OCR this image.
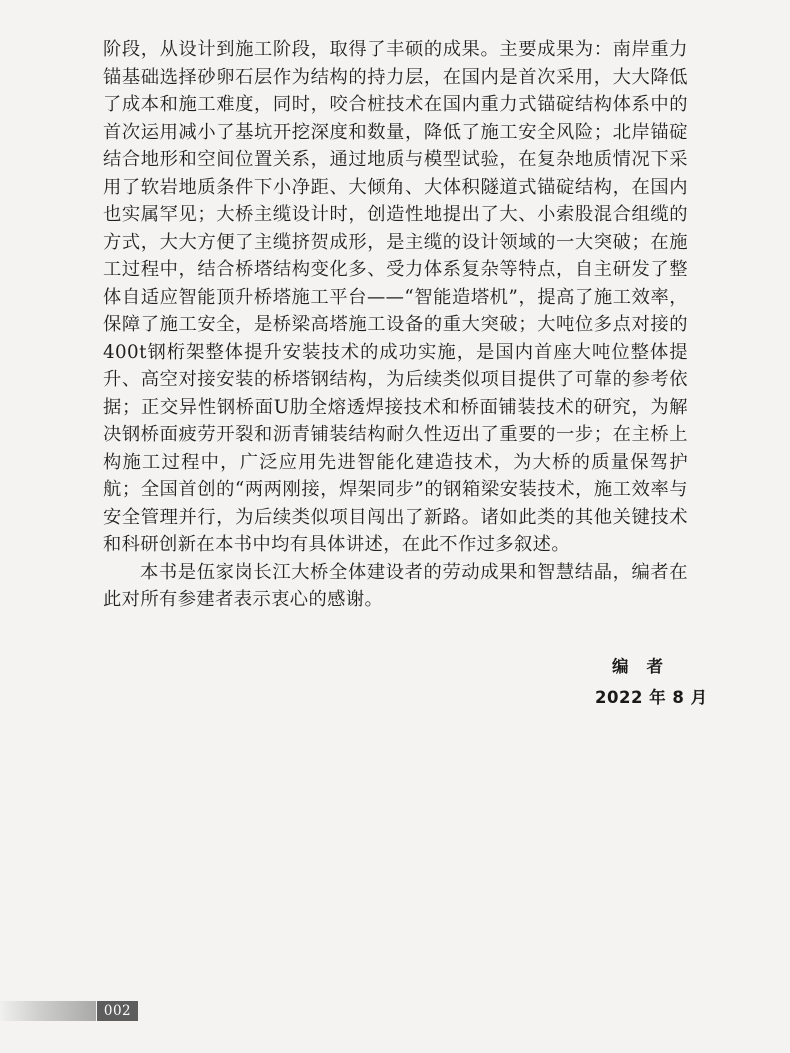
阶段，从设计到施工阶段，取得了丰硕的成果。主要成果为：南岸重力锚基础选择砂卵石层作为结构的持力层，在国内是首次采用，大大降低了成本和施工难度，同时，咬合桩技术在国内重力式锚碇结构体系中的首次运用减小了基坑开挖深度和数量，降低了施工安全风险；北岸锚碇结合地形和空间位置关系，通过地质与模型试验，在复杂地质情况下采用了软岩地质条件下小净距、大倾角、大体积隧道式锚碇结构，在国内也实属罕见；大桥主缆设计时，创造性地提出了大、小索股混合组缆的方式，大大方便了主缆挤贺成形，是主缆的设计领域的一大突破；在施工过程中，结合桥塔结构变化多、受力体系复杂等特点，自主研发了整体自适应智能顶升桥塔施工平台——“智能造塔机”，提高了施工效率，保障了施工安全，是桥梁高塔施工设备的重大突破；大吨位多点对接的400t钢桁架整体提升安装技术的成功实施，是国内首座大吨位整体提升、高空对接安装的桥塔钢结构，为后续类似项目提供了可靠的参考依据；正交异性钢桥面U肋全熔透焊接技术和桥面铺装技术的研究，为解决钢桥面疲劳开裂和沥青铺装结构耐久性迈出了重要的一步；在主桥上构施工过程中，广泛应用先进智能化建造技术，为大桥的质量保驾护航；全国首创的“两两刚接，焊架同步”的钢箱梁安装技术，施工效率与安全管理并行，为后续类似项目闯出了新路。诸如此类的其他关键技术和科研创新在本书中均有具体讲述，在此不作过多叙述。

本书是伍家岗长江大桥全体建设者的劳动成果和智慧结晶，编者在此对所有参建者表示衷心的感谢。

编者
2022 年 8 月
002
